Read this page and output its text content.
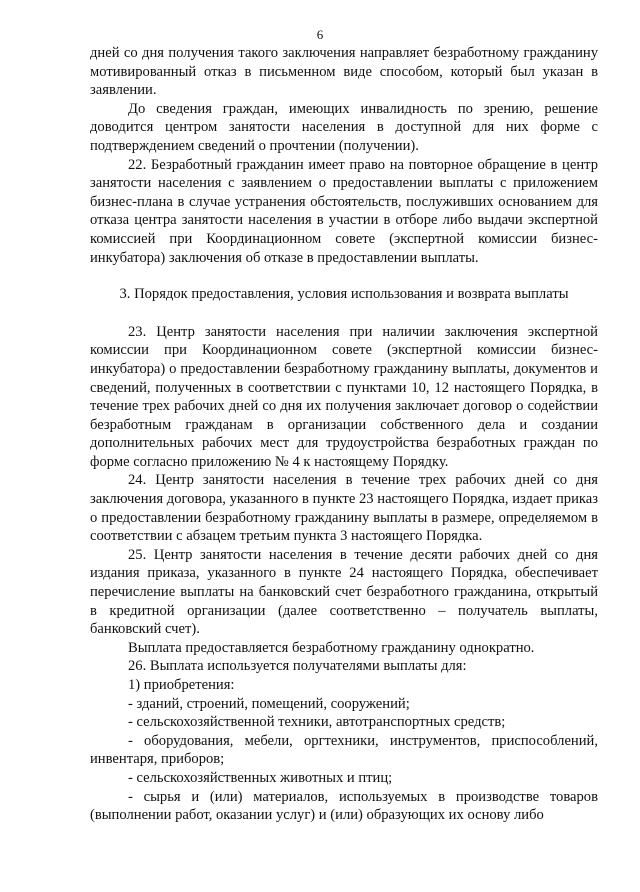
6

дней со дня получения такого заключения направляет безработному гражданину мотивированный отказ в письменном виде способом, который был указан в заявлении.

До сведения граждан, имеющих инвалидность по зрению, решение доводится центром занятости населения в доступной для них форме с подтверждением сведений о прочтении (получении).

22. Безработный гражданин имеет право на повторное обращение в центр занятости населения с заявлением о предоставлении выплаты с приложением бизнес-плана в случае устранения обстоятельств, послуживших основанием для отказа центра занятости населения в участии в отборе либо выдачи экспертной комиссией при Координационном совете (экспертной комиссии бизнес-инкубатора) заключения об отказе в предоставлении выплаты.

3. Порядок предоставления, условия использования и возврата выплаты

23. Центр занятости населения при наличии заключения экспертной комиссии при Координационном совете (экспертной комиссии бизнес-инкубатора) о предоставлении безработному гражданину выплаты, документов и сведений, полученных в соответствии с пунктами 10, 12 настоящего Порядка, в течение трех рабочих дней со дня их получения заключает договор о содействии безработным гражданам в организации собственного дела и создании дополнительных рабочих мест для трудоустройства безработных граждан по форме согласно приложению № 4 к настоящему Порядку.

24. Центр занятости населения в течение трех рабочих дней со дня заключения договора, указанного в пункте 23 настоящего Порядка, издает приказ о предоставлении безработному гражданину выплаты в размере, определяемом в соответствии с абзацем третьим пункта 3 настоящего Порядка.

25. Центр занятости населения в течение десяти рабочих дней со дня издания приказа, указанного в пункте 24 настоящего Порядка, обеспечивает перечисление выплаты на банковский счет безработного гражданина, открытый в кредитной организации (далее соответственно – получатель выплаты, банковский счет).

Выплата предоставляется безработному гражданину однократно.

26. Выплата используется получателями выплаты для:

1) приобретения:

- зданий, строений, помещений, сооружений;

- сельскохозяйственной техники, автотранспортных средств;

- оборудования, мебели, оргтехники, инструментов, приспособлений, инвентаря, приборов;

- сельскохозяйственных животных и птиц;

- сырья и (или) материалов, используемых в производстве товаров (выполнении работ, оказании услуг) и (или) образующих их основу либо
